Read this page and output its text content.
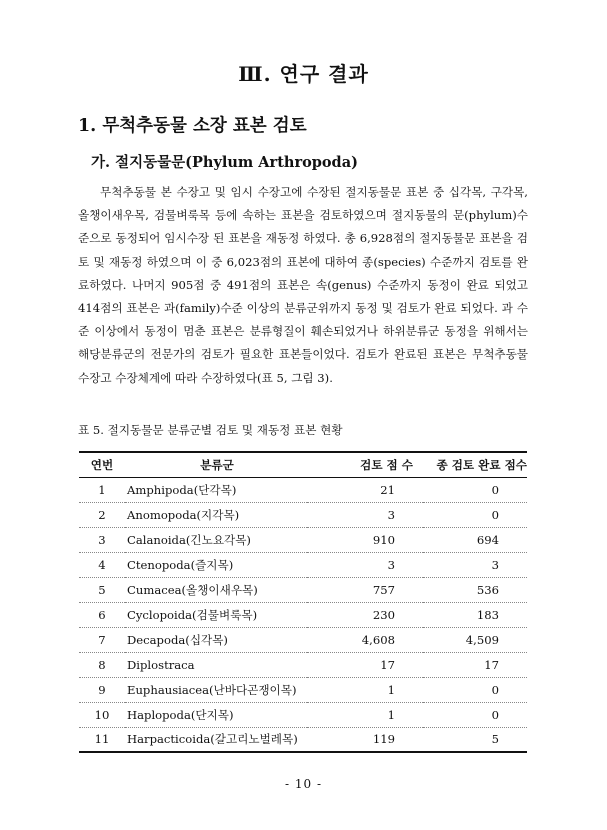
Ⅲ. 연구 결과
1. 무척추동물 소장 표본 검토
가. 절지동물문(Phylum Arthropoda)

무척추동물 본 수장고 및 임시 수장고에 수장된 절지동물문 표본 중 십각목, 구각목, 올챙이새우목, 검물벼룩목 등에 속하는 표본을 검토하였으며 절지동물의 문(phylum)수준으로 동정되어 임시수장 된 표본을 재동정 하였다. 총 6,928점의 절지동물문 표본을 검토 및 재동정 하였으며 이 중 6,023점의 표본에 대하여 종(species) 수준까지 검토를 완료하였다. 나머지 905점 중 491점의 표본은 속(genus) 수준까지 동정이 완료 되었고 414점의 표본은 과(family)수준 이상의 분류군위까지 동정 및 검토가 완료 되었다. 과 수준 이상에서 동정이 멈춘 표본은 분류형질이 훼손되었거나 하위분류군 동정을 위해서는 해당분류군의 전문가의 검토가 필요한 표본들이었다. 검토가 완료된 표본은 무척추동물 수장고 수장체계에 따라 수장하였다(표 5, 그림 3).

표 5. 절지동물문 분류군별 검토 및 재동정 표본 현황
연번	분류군	검토 점 수	종 검토 완료 점수
1	Amphipoda(단각목)	21	0
2	Anomopoda(지각목)	3	0
3	Calanoida(긴노요각목)	910	694
4	Ctenopoda(즐지목)	3	3
5	Cumacea(올챙이새우목)	757	536
6	Cyclopoida(검물벼룩목)	230	183
7	Decapoda(십각목)	4,608	4,509
8	Diplostraca	17	17
9	Euphausiacea(난바다곤쟁이목)	1	0
10	Haplopoda(단지목)	1	0
11	Harpacticoida(갈고리노벌레목)	119	5
- 10 -
